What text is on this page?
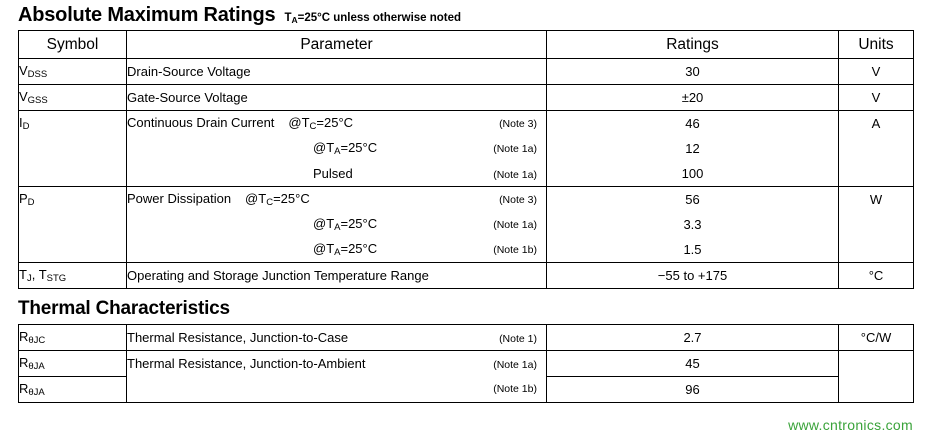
Absolute Maximum Ratings $T_A=25^\circ C$ unless otherwise noted
Symbol	Parameter	Ratings	Units
$V_{DSS}$	Drain-Source Voltage	30	V
$V_{GSS}$	Gate-Source Voltage	±20	V
$I_D$	Continuous Drain Current $@T_C=25^\circ C$ (Note 3)	46	A

	$@T_A=25^\circ C$ (Note 1a)	12	

	Pulsed (Note 1a)	100	
$P_D$	Power Dissipation $@T_C=25^\circ C$ (Note 3)	56	W

	$@T_A=25^\circ C$ (Note 1a)	3.3	

	$@T_A=25^\circ C$ (Note 1b)	1.5	
$T_J$, $T_{STG}$	Operating and Storage Junction Temperature Range	−55 to +175	°C
Thermal Characteristics
$R_{\theta JC}$	Thermal Resistance, Junction-to-Case (Note 1)	2.7	°C/W
$R_{\theta JA}$	Thermal Resistance, Junction-to-Ambient (Note 1a)	45	
$R_{\theta JA}$	(Note 1b)	96	
www.cntronics.com
